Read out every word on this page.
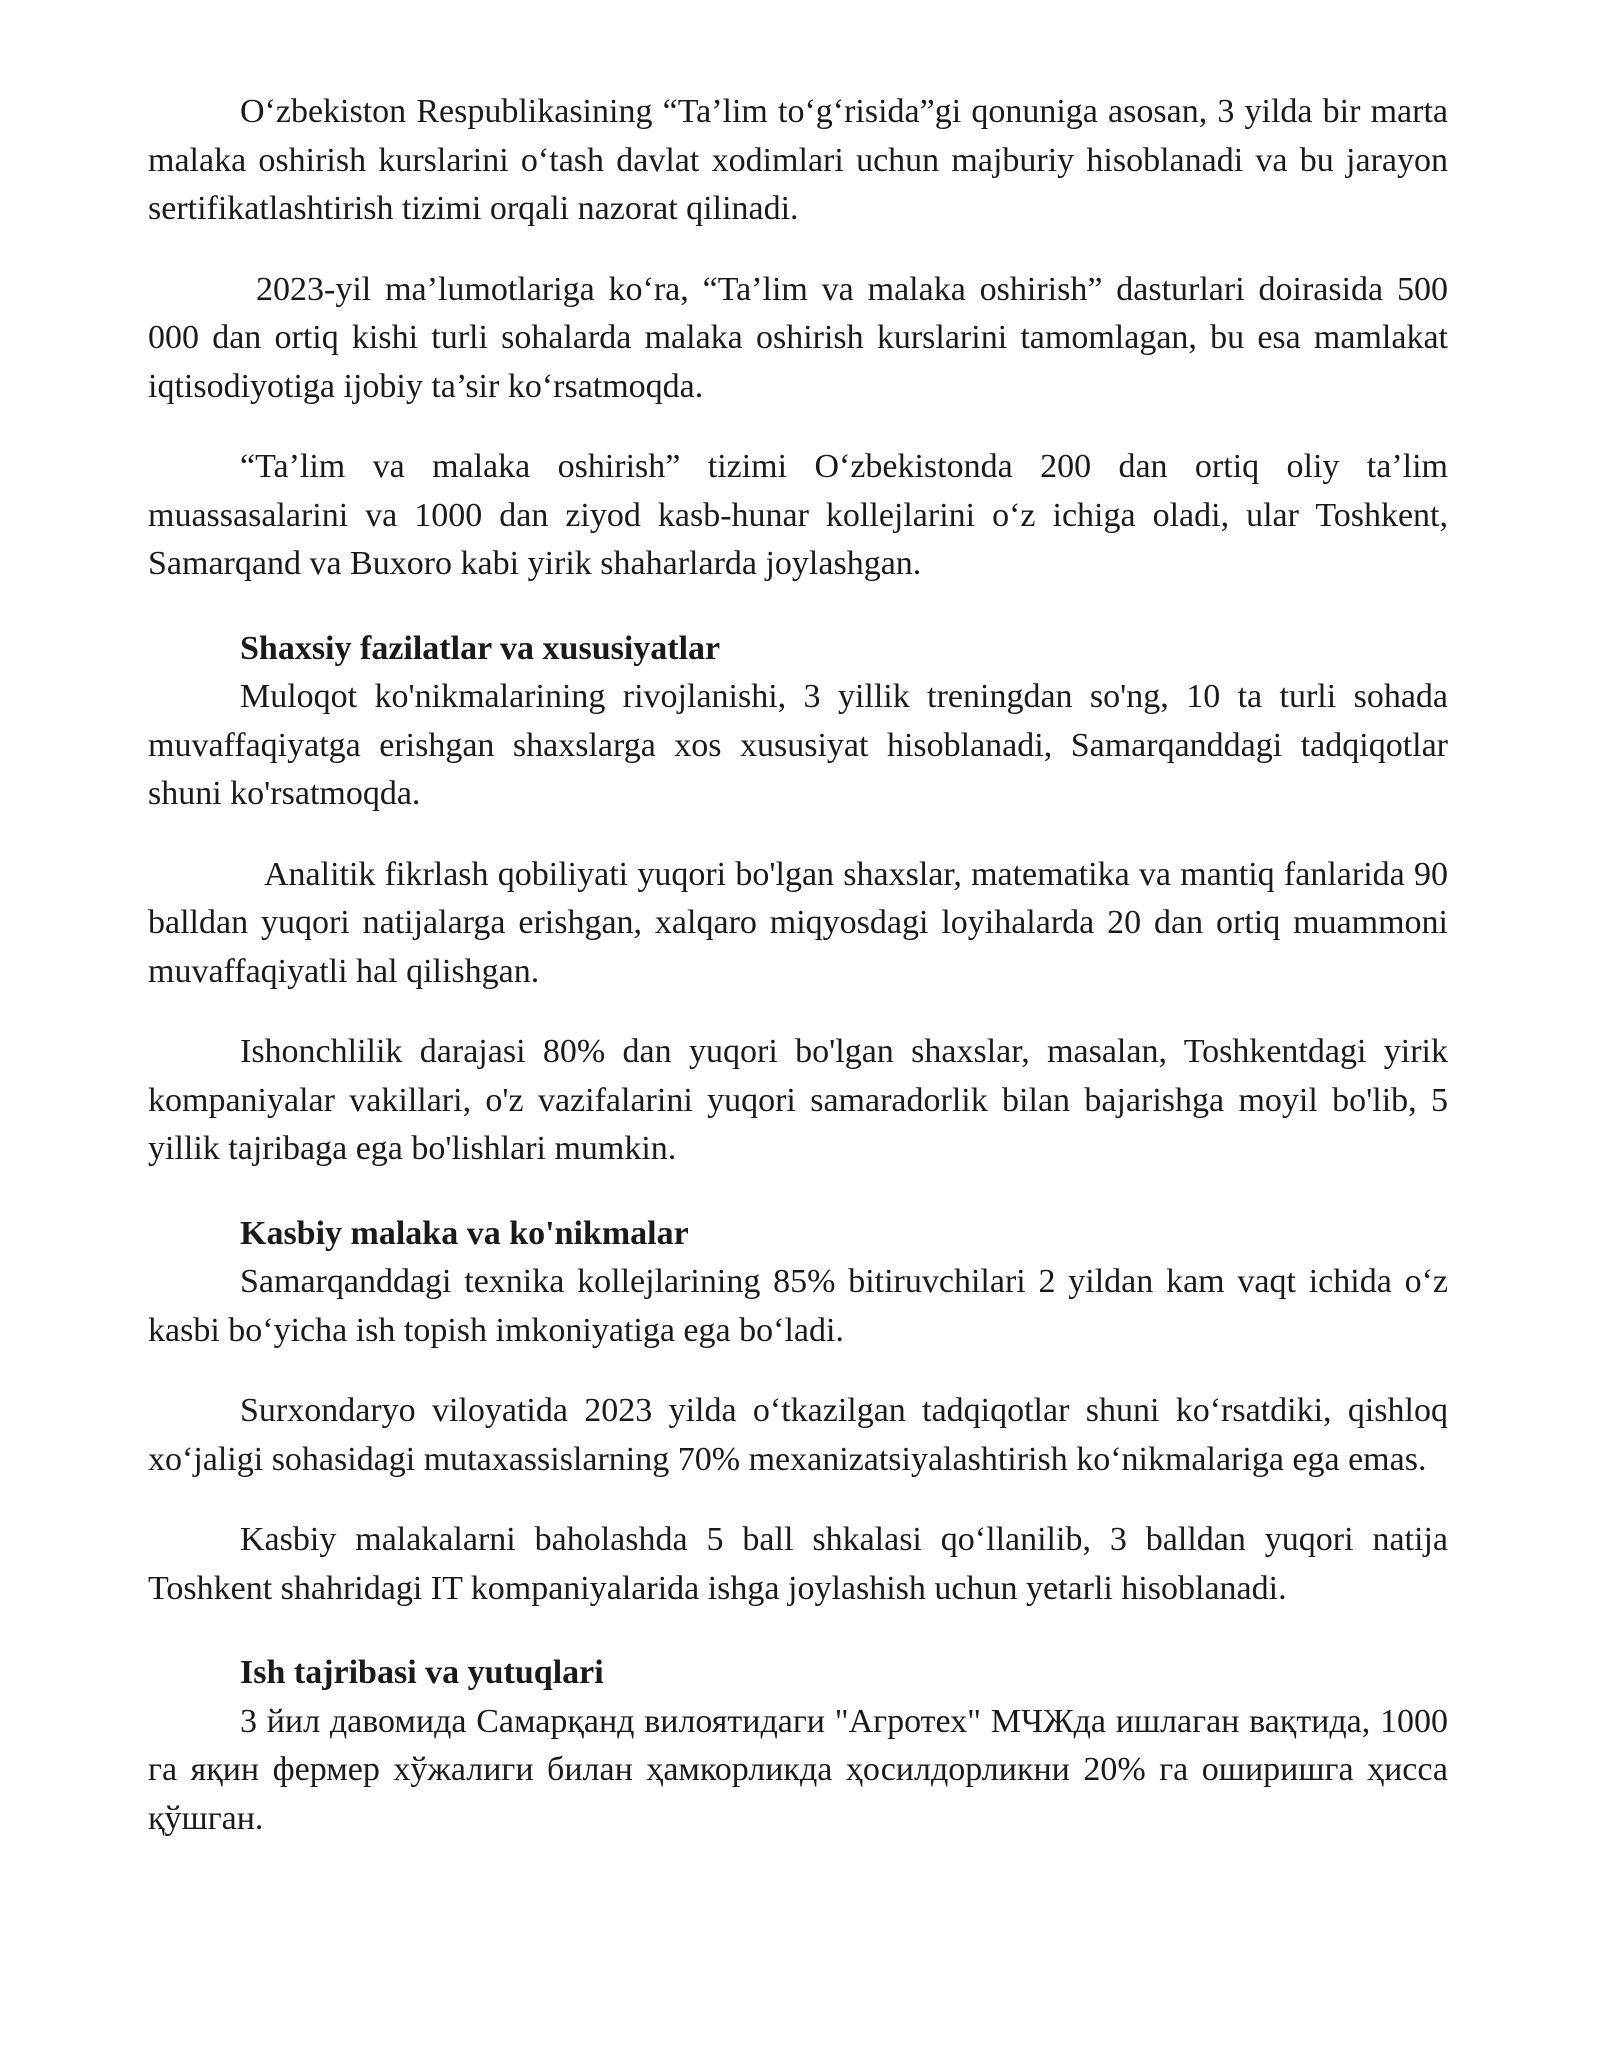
Oʻzbekiston Respublikasining “Ta’lim toʻgʻrisida”gi qonuniga asosan, 3 yilda bir marta malaka oshirish kurslarini oʻtash davlat xodimlari uchun majburiy hisoblanadi va bu jarayon sertifikatlashtirish tizimi orqali nazorat qilinadi.

2023-yil ma’lumotlariga koʻra, “Ta’lim va malaka oshirish” dasturlari doirasida 500 000 dan ortiq kishi turli sohalarda malaka oshirish kurslarini tamomlagan, bu esa mamlakat iqtisodiyotiga ijobiy ta’sir koʻrsatmoqda.

“Ta’lim va malaka oshirish” tizimi Oʻzbekistonda 200 dan ortiq oliy ta’lim muassasalarini va 1000 dan ziyod kasb-hunar kollejlarini oʻz ichiga oladi, ular Toshkent, Samarqand va Buxoro kabi yirik shaharlarda joylashgan.

Shaxsiy fazilatlar va xususiyatlar

Muloqot ko'nikmalarining rivojlanishi, 3 yillik treningdan so'ng, 10 ta turli sohada muvaffaqiyatga erishgan shaxslarga xos xususiyat hisoblanadi, Samarqanddagi tadqiqotlar shuni ko'rsatmoqda.

Analitik fikrlash qobiliyati yuqori bo'lgan shaxslar, matematika va mantiq fanlarida 90 balldan yuqori natijalarga erishgan, xalqaro miqyosdagi loyihalarda 20 dan ortiq muammoni muvaffaqiyatli hal qilishgan.

Ishonchlilik darajasi 80% dan yuqori bo'lgan shaxslar, masalan, Toshkentdagi yirik kompaniyalar vakillari, o'z vazifalarini yuqori samaradorlik bilan bajarishga moyil bo'lib, 5 yillik tajribaga ega bo'lishlari mumkin.

Kasbiy malaka va ko'nikmalar

Samarqanddagi texnika kollejlarining 85% bitiruvchilari 2 yildan kam vaqt ichida oʻz kasbi boʻyicha ish topish imkoniyatiga ega boʻladi.

Surxondaryo viloyatida 2023 yilda oʻtkazilgan tadqiqotlar shuni koʻrsatdiki, qishloq xoʻjaligi sohasidagi mutaxassislarning 70% mexanizatsiyalashtirish koʻnikmalariga ega emas.

Kasbiy malakalarni baholashda 5 ball shkalasi qoʻllanilib, 3 balldan yuqori natija Toshkent shahridagi IT kompaniyalarida ishga joylashish uchun yetarli hisoblanadi.

Ish tajribasi va yutuqlari

3 йил давомида Самарқанд вилоятидаги "Агротех" МЧЖда ишлаган вақтида, 1000 га яқин фермер хўжалиги билан ҳамкорликда ҳосилдорликни 20% га оширишга ҳисса қўшган.
